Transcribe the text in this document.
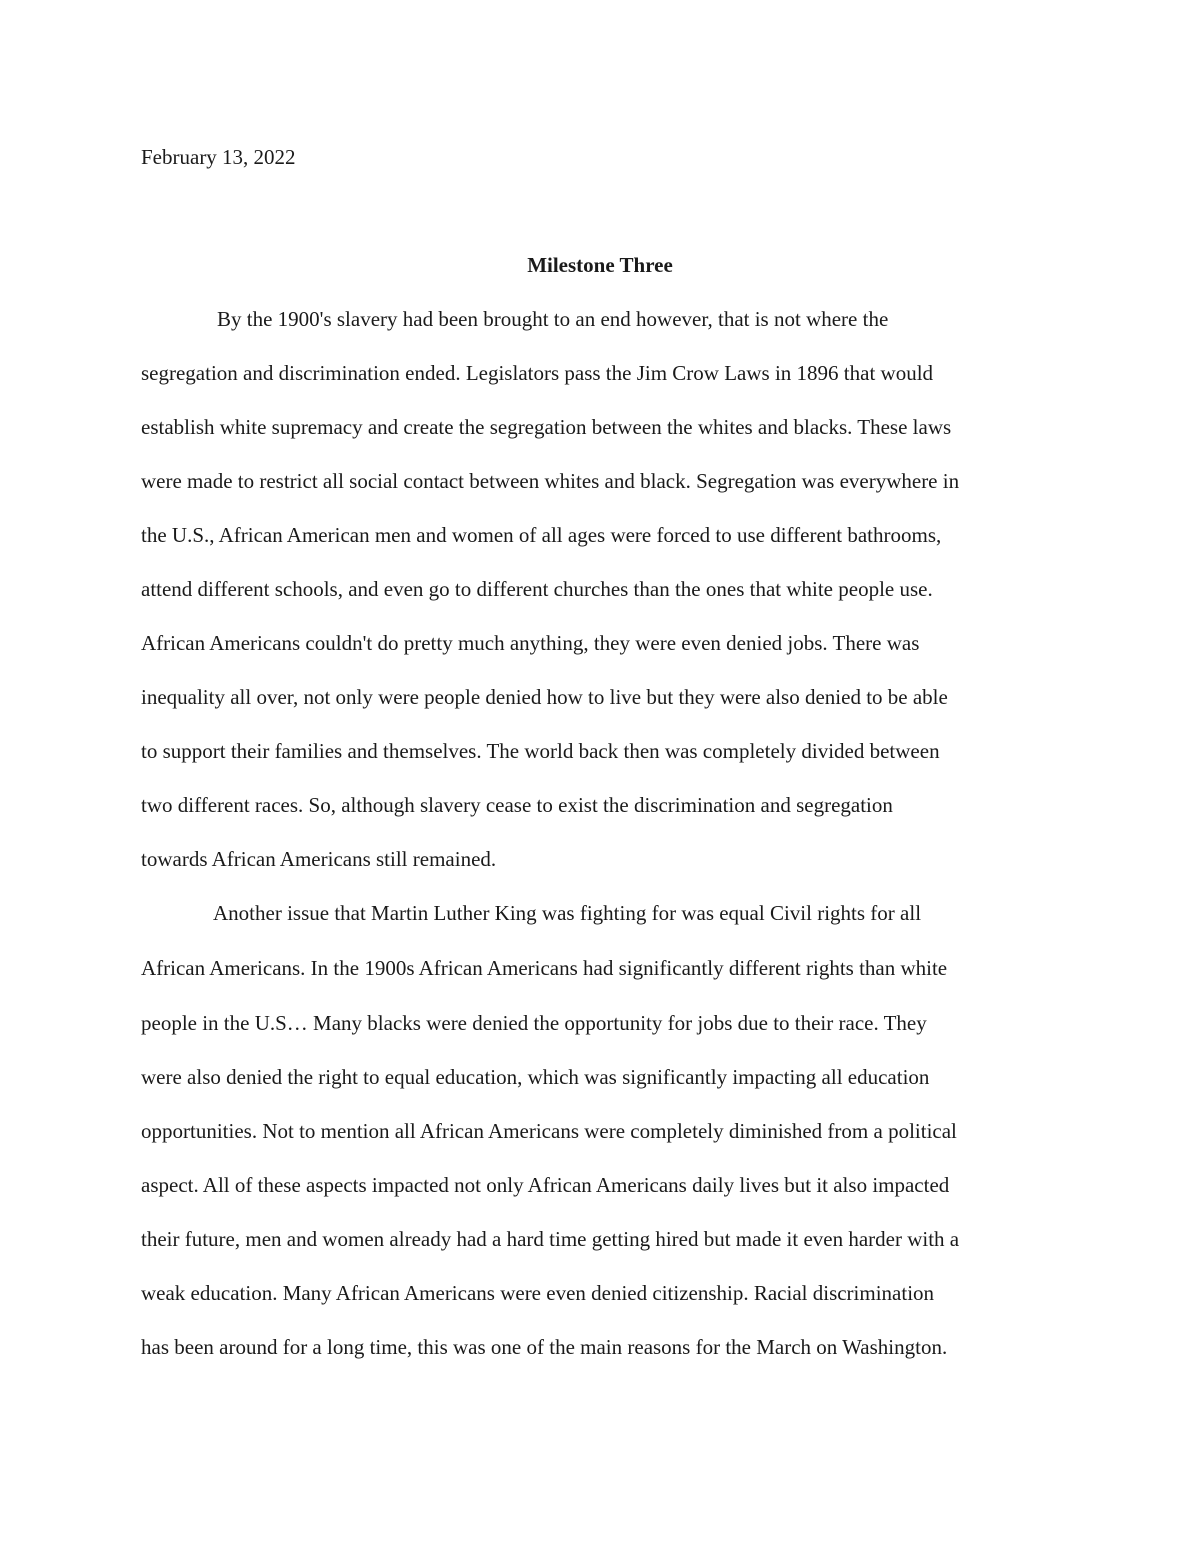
February 13, 2022

Milestone Three

By the 1900's slavery had been brought to an end however, that is not where the

segregation and discrimination ended. Legislators pass the Jim Crow Laws in 1896 that would

establish white supremacy and create the segregation between the whites and blacks. These laws

were made to restrict all social contact between whites and black. Segregation was everywhere in

the U.S., African American men and women of all ages were forced to use different bathrooms,

attend different schools, and even go to different churches than the ones that white people use.

African Americans couldn't do pretty much anything, they were even denied jobs. There was

inequality all over, not only were people denied how to live but they were also denied to be able

to support their families and themselves. The world back then was completely divided between

two different races. So, although slavery cease to exist the discrimination and segregation

towards African Americans still remained.

Another issue that Martin Luther King was fighting for was equal Civil rights for all

African Americans. In the 1900s African Americans had significantly different rights than white

people in the U.S… Many blacks were denied the opportunity for jobs due to their race. They

were also denied the right to equal education, which was significantly impacting all education

opportunities. Not to mention all African Americans were completely diminished from a political

aspect. All of these aspects impacted not only African Americans daily lives but it also impacted

their future, men and women already had a hard time getting hired but made it even harder with a

weak education. Many African Americans were even denied citizenship. Racial discrimination

has been around for a long time, this was one of the main reasons for the March on Washington.
